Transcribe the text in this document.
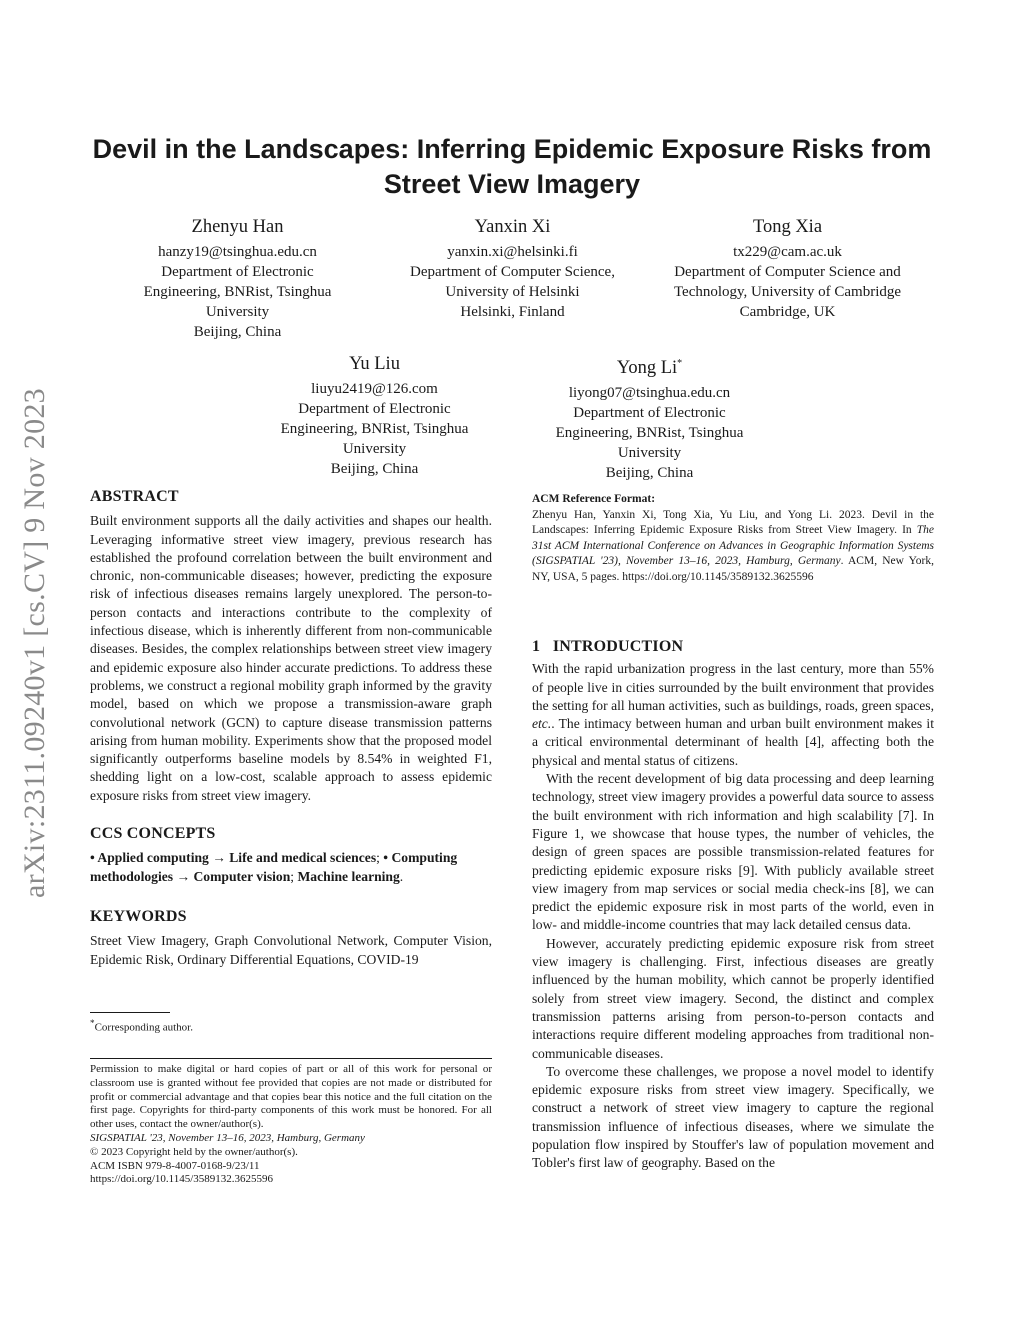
arXiv:2311.09240v1 [cs.CV] 9 Nov 2023
Devil in the Landscapes: Inferring Epidemic Exposure Risks from Street View Imagery
Zhenyu Han
hanzy19@tsinghua.edu.cn
Department of Electronic
Engineering, BNRist, Tsinghua
University
Beijing, China
Yanxin Xi
yanxin.xi@helsinki.fi
Department of Computer Science,
University of Helsinki
Helsinki, Finland
Tong Xia
tx229@cam.ac.uk
Department of Computer Science and
Technology, University of Cambridge
Cambridge, UK
Yu Liu
liuyu2419@126.com
Department of Electronic
Engineering, BNRist, Tsinghua
University
Beijing, China
Yong Li*
liyong07@tsinghua.edu.cn
Department of Electronic
Engineering, BNRist, Tsinghua
University
Beijing, China
ABSTRACT

Built environment supports all the daily activities and shapes our health. Leveraging informative street view imagery, previous research has established the profound correlation between the built environment and chronic, non-communicable diseases; however, predicting the exposure risk of infectious diseases remains largely unexplored. The person-to-person contacts and interactions contribute to the complexity of infectious disease, which is inherently different from non-communicable diseases. Besides, the complex relationships between street view imagery and epidemic exposure also hinder accurate predictions. To address these problems, we construct a regional mobility graph informed by the gravity model, based on which we propose a transmission-aware graph convolutional network (GCN) to capture disease transmission patterns arising from human mobility. Experiments show that the proposed model significantly outperforms baseline models by 8.54% in weighted F1, shedding light on a low-cost, scalable approach to assess epidemic exposure risks from street view imagery.

CCS CONCEPTS

• Applied computing → Life and medical sciences; • Computing methodologies → Computer vision; Machine learning.

KEYWORDS

Street View Imagery, Graph Convolutional Network, Computer Vision, Epidemic Risk, Ordinary Differential Equations, COVID-19

*Corresponding author.

Permission to make digital or hard copies of part or all of this work for personal or classroom use is granted without fee provided that copies are not made or distributed for profit or commercial advantage and that copies bear this notice and the full citation on the first page. Copyrights for third-party components of this work must be honored. For all other uses, contact the owner/author(s).

SIGSPATIAL '23, November 13–16, 2023, Hamburg, Germany

© 2023 Copyright held by the owner/author(s).

ACM ISBN 979-8-4007-0168-9/23/11

https://doi.org/10.1145/3589132.3625596

ACM Reference Format:

Zhenyu Han, Yanxin Xi, Tong Xia, Yu Liu, and Yong Li. 2023. Devil in the Landscapes: Inferring Epidemic Exposure Risks from Street View Imagery. In The 31st ACM International Conference on Advances in Geographic Information Systems (SIGSPATIAL '23), November 13–16, 2023, Hamburg, Germany. ACM, New York, NY, USA, 5 pages. https://doi.org/10.1145/3589132.3625596

1 INTRODUCTION

With the rapid urbanization progress in the last century, more than 55% of people live in cities surrounded by the built environment that provides the setting for all human activities, such as buildings, roads, green spaces, etc.. The intimacy between human and urban built environment makes it a critical environmental determinant of health [4], affecting both the physical and mental status of citizens.

With the recent development of big data processing and deep learning technology, street view imagery provides a powerful data source to assess the built environment with rich information and high scalability [7]. In Figure 1, we showcase that house types, the number of vehicles, the design of green spaces are possible transmission-related features for predicting epidemic exposure risks [9]. With publicly available street view imagery from map services or social media check-ins [8], we can predict the epidemic exposure risk in most parts of the world, even in low- and middle-income countries that may lack detailed census data.

However, accurately predicting epidemic exposure risk from street view imagery is challenging. First, infectious diseases are greatly influenced by the human mobility, which cannot be properly identified solely from street view imagery. Second, the distinct and complex transmission patterns arising from person-to-person contacts and interactions require different modeling approaches from traditional non-communicable diseases.

To overcome these challenges, we propose a novel model to identify epidemic exposure risks from street view imagery. Specifically, we construct a network of street view imagery to capture the regional transmission influence of infectious diseases, where we simulate the population flow inspired by Stouffer's law of population movement and Tobler's first law of geography. Based on the
